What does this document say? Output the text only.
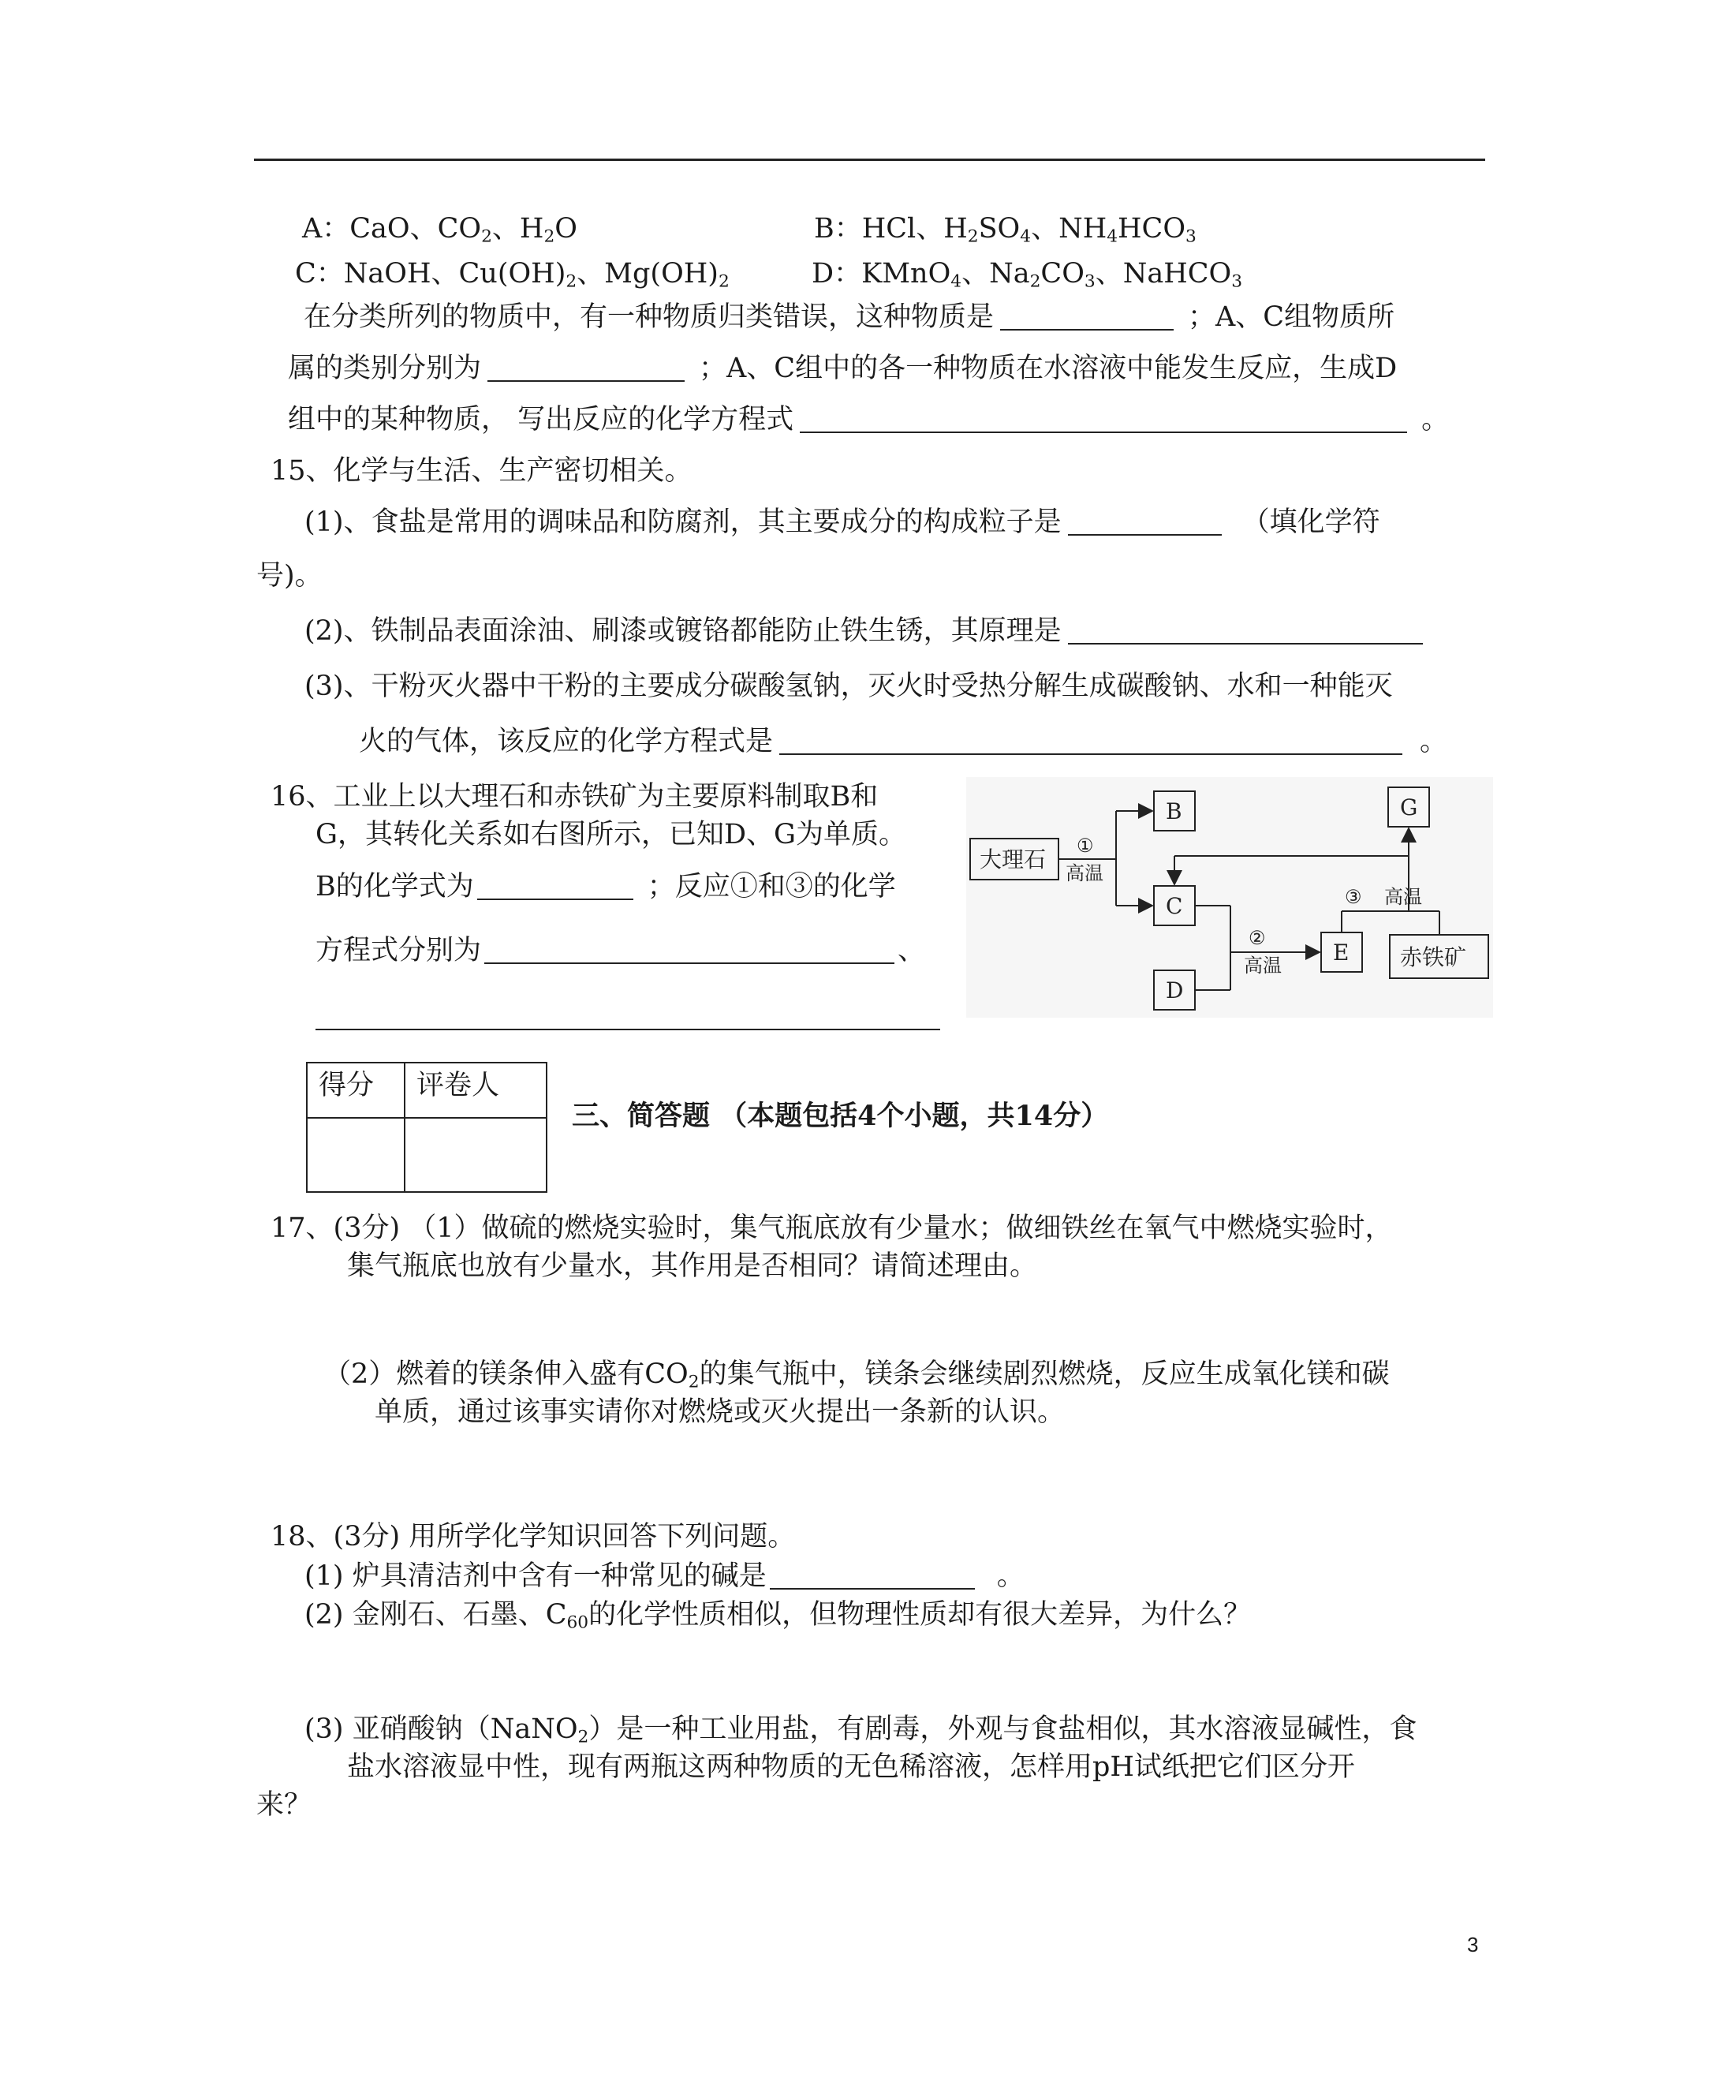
A：CaO、$CO_2$、$H_2O$	B：HCl、$H_2SO_4$、$NH_4HCO_3$
C：NaOH、$Cu(OH)_2$、$Mg(OH)_2$	D：KMnO$_4$、$Na_2CO_3$、NaHCO$_3$
在分类所列的物质中，有一种物质归类错误，这种物质是	；A、C组物质所
属的类别分别为	；A、C组中的各一种物质在水溶液中能发生反应，生成D
组中的某种物质， 写出反应的化学方程式	。
15、化学与生活、生产密切相关。
(1)、食盐是常用的调味品和防腐剂，其主要成分的构成粒子是	（填化学符
号)。
(2)、铁制品表面涂油、刷漆或镀铬都能防止铁生锈，其原理是
(3)、干粉灭火器中干粉的主要成分碳酸氢钠，灭火时受热分解生成碳酸钠、水和一种能灭
火的气体，该反应的化学方程式是	。
16、工业上以大理石和赤铁矿为主要原料制取B和
G，其转化关系如右图所示，已知D、G为单质。
B的化学式为	；反应①和③的化学
方程式分别为	、
大理石
B
C
D
E 赤铁矿
G
①
高温
②
高温
③ 高温
得分	评卷人

三、简答题 （本题包括4个小题，共14分）
17、(3分) （1）做硫的燃烧实验时，集气瓶底放有少量水；做细铁丝在氧气中燃烧实验时，
集气瓶底也放有少量水，其作用是否相同？请简述理由。
（2）燃着的镁条伸入盛有$CO_2$的集气瓶中，镁条会继续剧烈燃烧，反应生成氧化镁和碳
单质，通过该事实请你对燃烧或灭火提出一条新的认识。
18、(3分) 用所学化学知识回答下列问题。
(1) 炉具清洁剂中含有一种常见的碱是	。
(2) 金刚石、石墨、$C_{60}$的化学性质相似，但物理性质却有很大差异，为什么？
(3) 亚硝酸钠（NaNO$_2$）是一种工业用盐，有剧毒，外观与食盐相似，其水溶液显碱性，食
盐水溶液显中性，现有两瓶这两种物质的无色稀溶液，怎样用pH试纸把它们区分开
来？
3
